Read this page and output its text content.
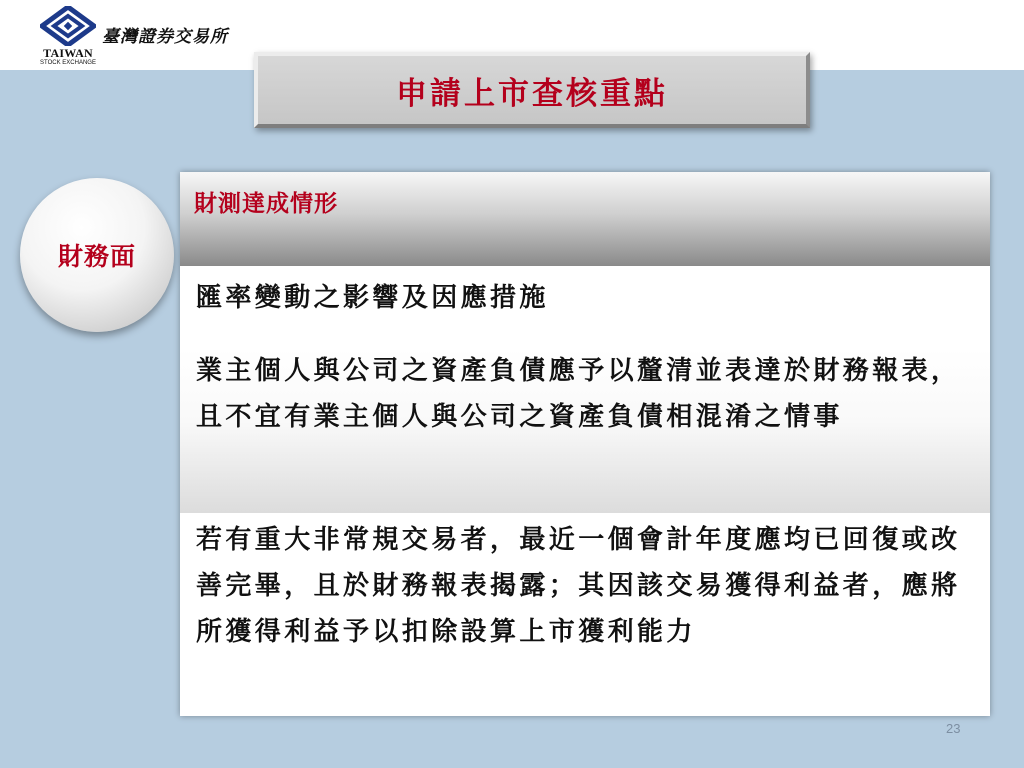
TAIWAN
STOCK EXCHANGE
臺灣證券交易所
申請上市查核重點
財務面
財測達成情形
匯率變動之影響及因應措施
業主個人與公司之資產負債應予以釐清並表達於財務報表，且不宜有業主個人與公司之資產負債相混淆之情事
若有重大非常規交易者，最近一個會計年度應均已回復或改善完畢，且於財務報表揭露；其因該交易獲得利益者，應將所獲得利益予以扣除設算上市獲利能力
23
